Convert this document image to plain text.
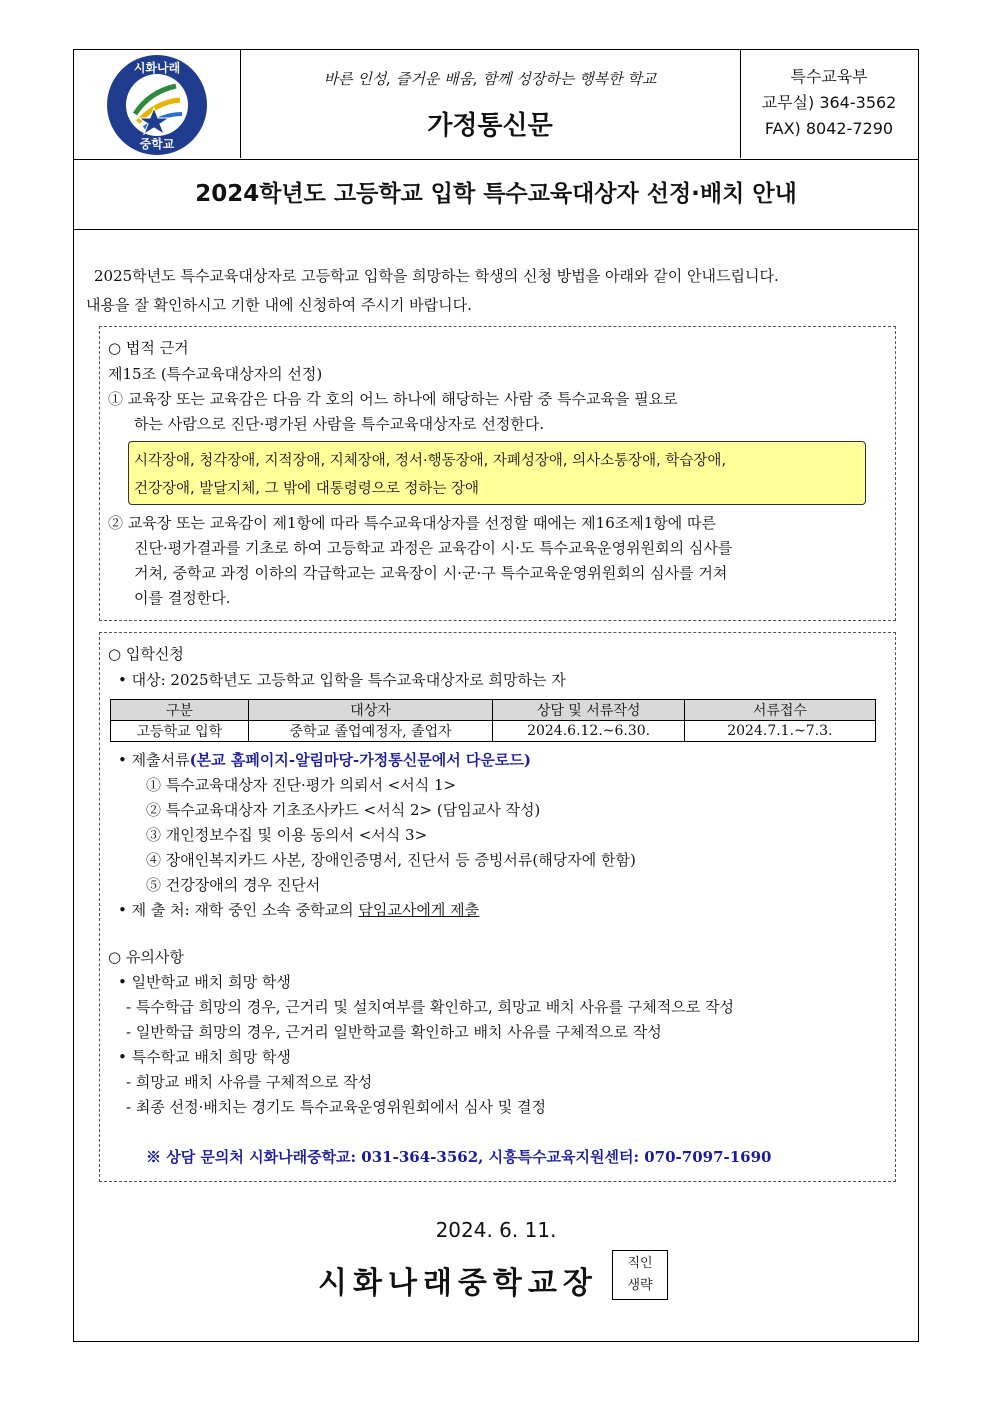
시화나래
중학교
바른 인성, 즐거운 배움, 함께 성장하는 행복한 학교
가정통신문
특수교육부
교무실) 364-3562
FAX) 8042-7290
2024학년도 고등학교 입학 특수교육대상자 선정·배치 안내
2025학년도 특수교육대상자로 고등학교 입학을 희망하는 학생의 신청 방법을 아래와 같이 안내드립니다.
내용을 잘 확인하시고 기한 내에 신청하여 주시기 바랍니다.
○ 법적 근거
제15조 (특수교육대상자의 선정)
① 교육장 또는 교육감은 다음 각 호의 어느 하나에 해당하는 사람 중 특수교육을 필요로
하는 사람으로 진단·평가된 사람을 특수교육대상자로 선정한다.
시각장애, 청각장애, 지적장애, 지체장애, 정서·행동장애, 자폐성장애, 의사소통장애, 학습장애,
건강장애, 발달지체, 그 밖에 대통령령으로 정하는 장애
② 교육장 또는 교육감이 제1항에 따라 특수교육대상자를 선정할 때에는 제16조제1항에 따른
진단·평가결과를 기초로 하여 고등학교 과정은 교육감이 시·도 특수교육운영위원회의 심사를
거쳐, 중학교 과정 이하의 각급학교는 교육장이 시·군·구 특수교육운영위원회의 심사를 거쳐
이를 결정한다.
○ 입학신청
• 대상: 2025학년도 고등학교 입학을 특수교육대상자로 희망하는 자
구분	대상자	상담 및 서류작성	서류접수
고등학교 입학	중학교 졸업예정자, 졸업자	2024.6.12.~6.30.	2024.7.1.~7.3.
• 제출서류(본교 홈페이지-알림마당-가정통신문에서 다운로드)
① 특수교육대상자 진단·평가 의뢰서 <서식 1>
② 특수교육대상자 기초조사카드 <서식 2> (담임교사 작성)
③ 개인정보수집 및 이용 동의서 <서식 3>
④ 장애인복지카드 사본, 장애인증명서, 진단서 등 증빙서류(해당자에 한함)
⑤ 건강장애의 경우 진단서
• 제 출 처: 재학 중인 소속 중학교의 담임교사에게 제출
○ 유의사항
• 일반학교 배치 희망 학생
- 특수학급 희망의 경우, 근거리 및 설치여부를 확인하고, 희망교 배치 사유를 구체적으로 작성
- 일반학급 희망의 경우, 근거리 일반학교를 확인하고 배치 사유를 구체적으로 작성
• 특수학교 배치 희망 학생
- 희망교 배치 사유를 구체적으로 작성
- 최종 선정·배치는 경기도 특수교육운영위원회에서 심사 및 결정
※ 상담 문의처 시화나래중학교: 031-364-3562, 시흥특수교육지원센터: 070-7097-1690
2024. 6. 11.
시화나래중학교장
직인
생략
